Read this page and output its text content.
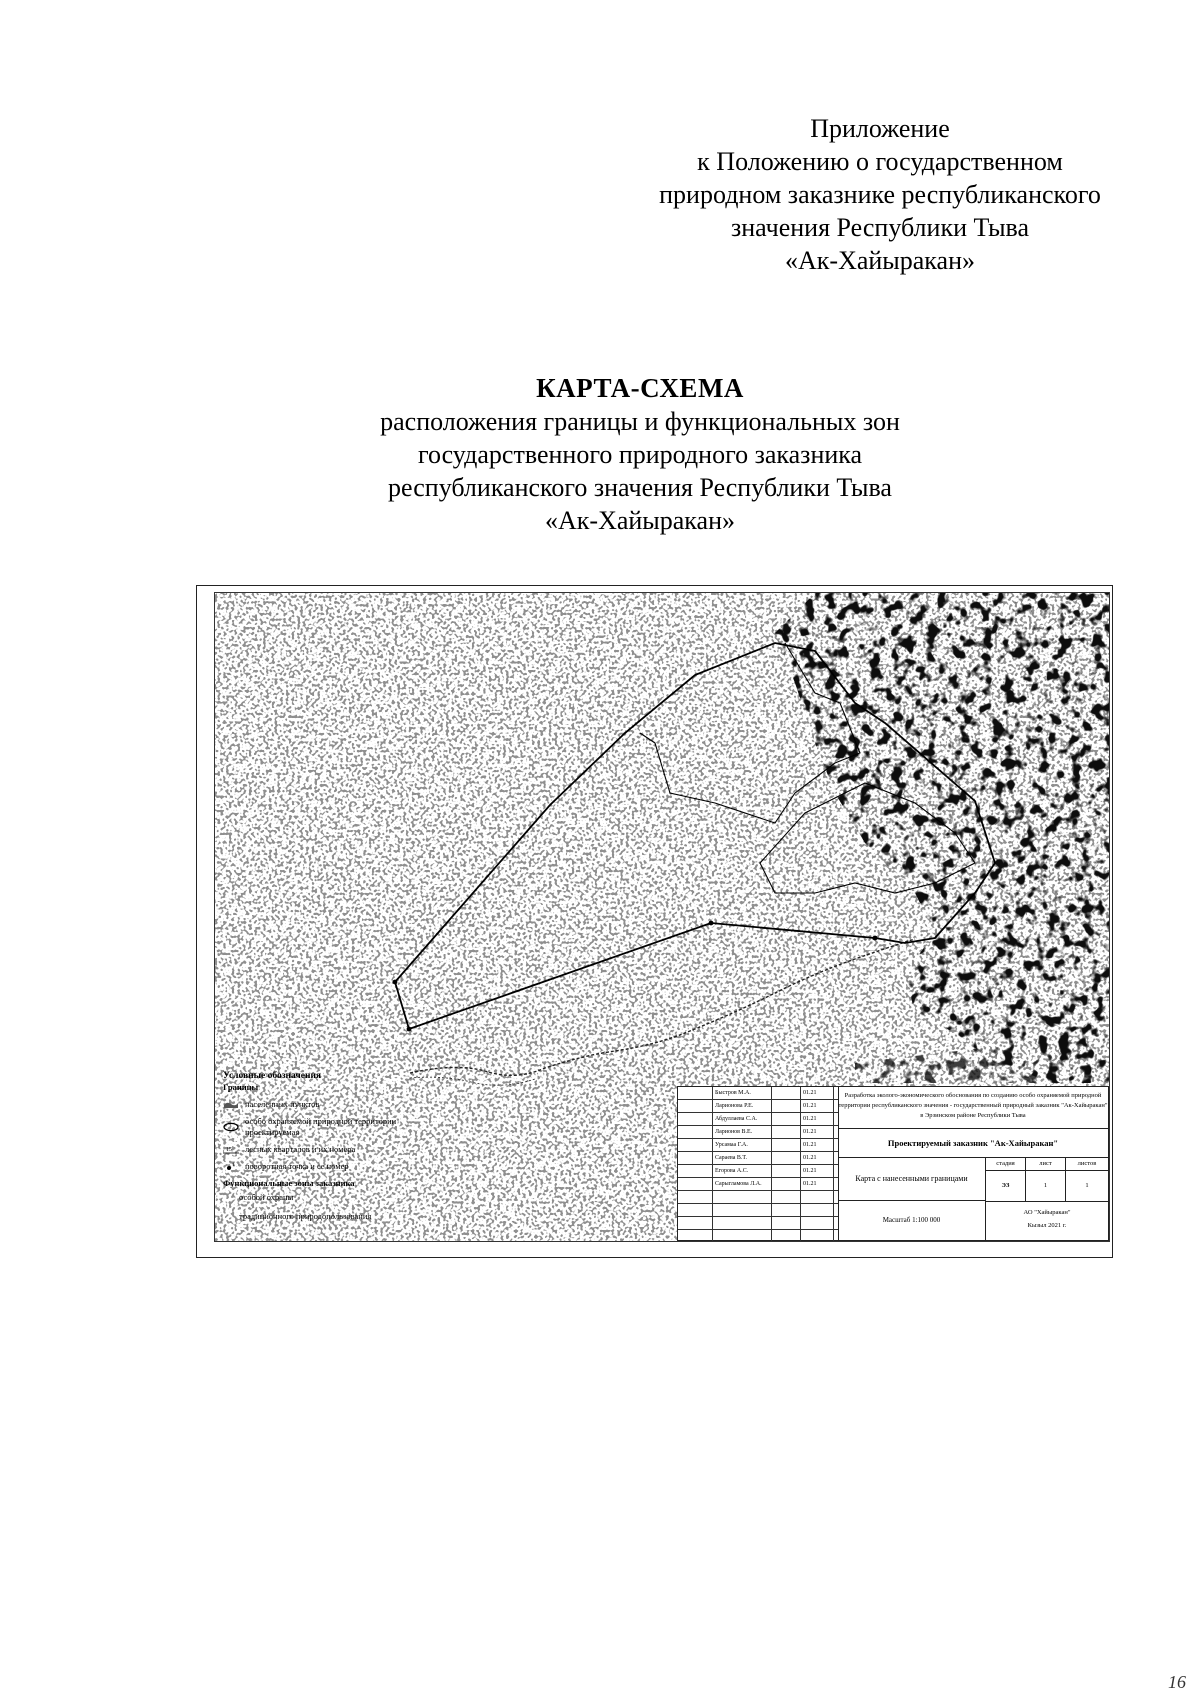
Приложение
к Положению о государственном
природном заказнике республиканского
значения Республики Тыва
«Ак-Хайыракан»
КАРТА-СХЕМА
расположения границы и функциональных зон
государственного природного заказника
республиканского значения Республики Тыва
«Ак-Хайыракан»
Условные обозначения
Границы
населенных пунктов
особо охраняемой природной территории проектируемая
15 лесных кварталов и их номера
1 поворотная точка и ее номер
Функциональные зоны заказника
особой охраны
традиционного природопользования
Быстров М.А.	01.21
Ларионова Р.Е.	01.21
Абдуллаева С.А.	01.21
Ларионов В.Е.	01.21
Урсамаа Г.А.	01.21
Сараева В.Т.	01.21
Егорова А.С.	01.21
Сарыгламова Л.А.	01.21
Разработка эколого-экономического обоснования по созданию особо охраняемой природной территории республиканского значения - государственный природный заказник "Ак-Хайыракан" в Эрзинском районе Республики Тыва
Проектируемый заказник "Ак-Хайыракан"
Карта с нанесенными границами
стадия	лист	листов
ЭЗ	1	1
Масштаб 1:100 000
АО "Хайыракан"
Кызыл 2021 г.
16
